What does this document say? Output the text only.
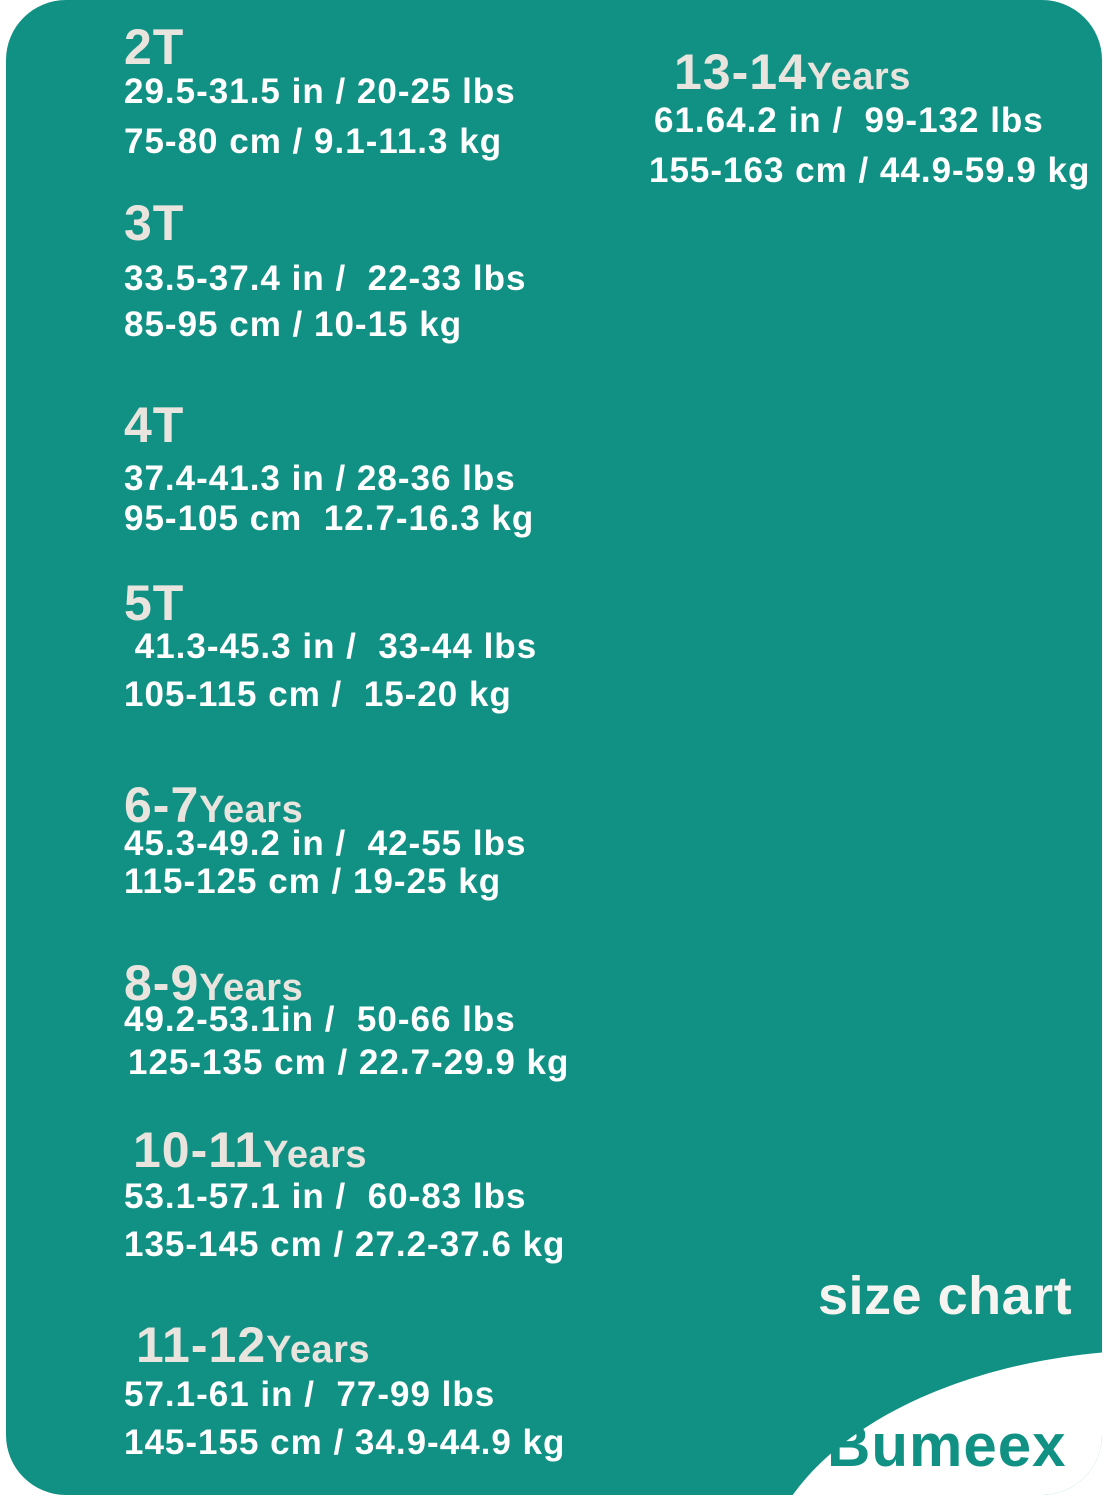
2T
29.5-31.5 in / 20-25 lbs
75-80 cm / 9.1-11.3 kg
3T
33.5-37.4 in /  22-33 lbs
85-95 cm / 10-15 kg
4T
37.4-41.3 in / 28-36 lbs
95-105 cm  12.7-16.3 kg
5T
41.3-45.3 in /  33-44 lbs
105-115 cm /  15-20 kg
6-7Years
45.3-49.2 in /  42-55 lbs
115-125 cm / 19-25 kg
8-9Years
49.2-53.1in /  50-66 lbs
125-135 cm / 22.7-29.9 kg
10-11Years
53.1-57.1 in /  60-83 lbs
135-145 cm / 27.2-37.6 kg
11-12Years
57.1-61 in /  77-99 lbs
145-155 cm / 34.9-44.9 kg
13-14Years
61.64.2 in /  99-132 lbs
155-163 cm / 44.9-59.9 kg
size chart
Bumeex
